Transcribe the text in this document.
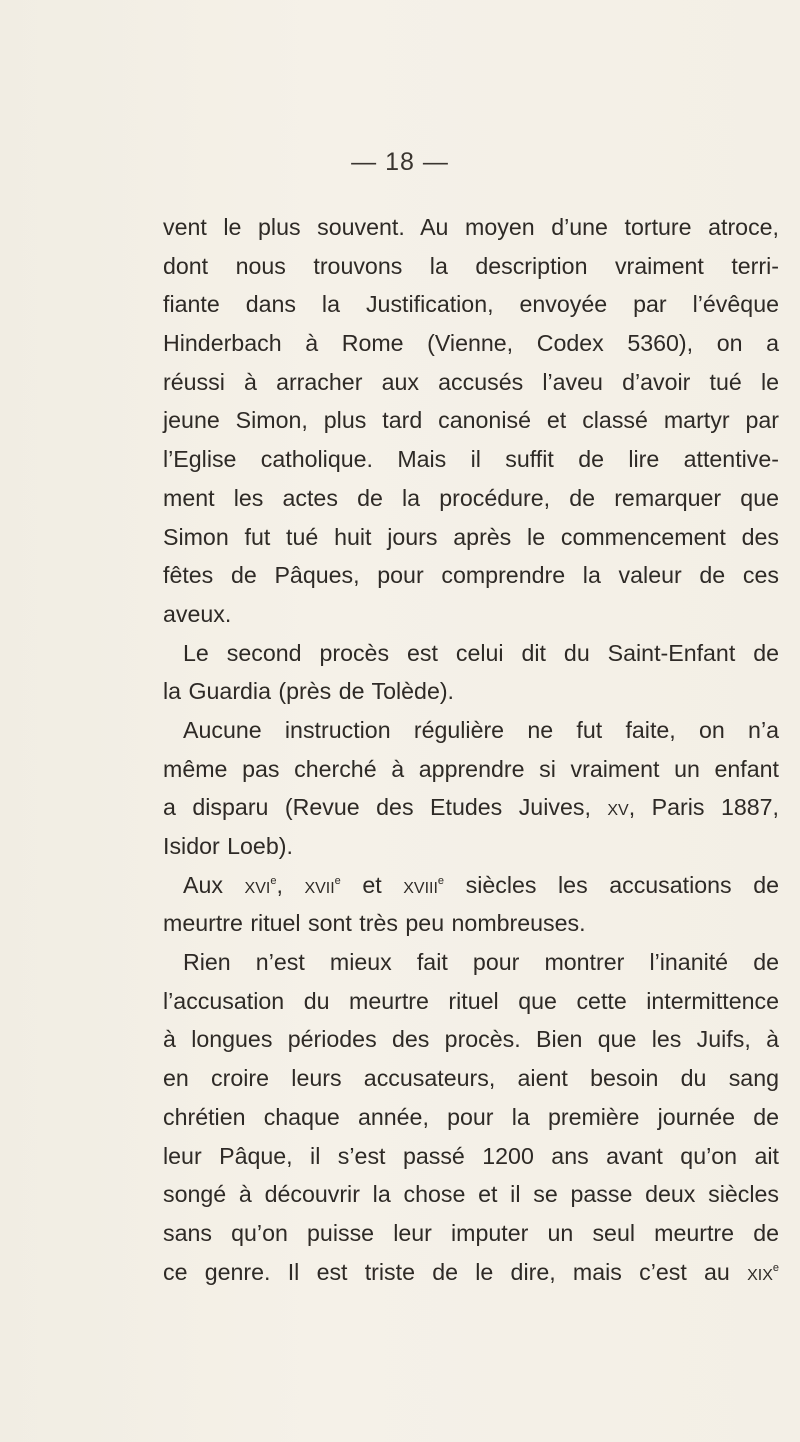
— 18 —
vent le plus souvent. Au moyen d’une torture atroce,
dont nous trouvons la description vraiment terri-
fiante dans la Justification, envoyée par l’évêque
Hinderbach à Rome (Vienne, Codex 5360), on a
réussi à arracher aux accusés l’aveu d’avoir tué le
jeune Simon, plus tard canonisé et classé martyr par
l’Eglise catholique. Mais il suffit de lire attentive-
ment les actes de la procédure, de remarquer que
Simon fut tué huit jours après le commencement des
fêtes de Pâques, pour comprendre la valeur de ces
aveux.
Le second procès est celui dit du Saint-Enfant de
la Guardia (près de Tolède).
Aucune instruction régulière ne fut faite, on n’a
même pas cherché à apprendre si vraiment un enfant
a disparu (Revue des Etudes Juives, xv, Paris 1887,
Isidor Loeb).
Aux xvi$^e$, xvii$^e$ et xviii$^e$ siècles les accusations de
meurtre rituel sont très peu nombreuses.
Rien n’est mieux fait pour montrer l’inanité de
l’accusation du meurtre rituel que cette intermittence
à longues périodes des procès. Bien que les Juifs, à
en croire leurs accusateurs, aient besoin du sang
chrétien chaque année, pour la première journée de
leur Pâque, il s’est passé 1200 ans avant qu’on ait
songé à découvrir la chose et il se passe deux siècles
sans qu’on puisse leur imputer un seul meurtre de
ce genre. Il est triste de le dire, mais c’est au xix$^e$
